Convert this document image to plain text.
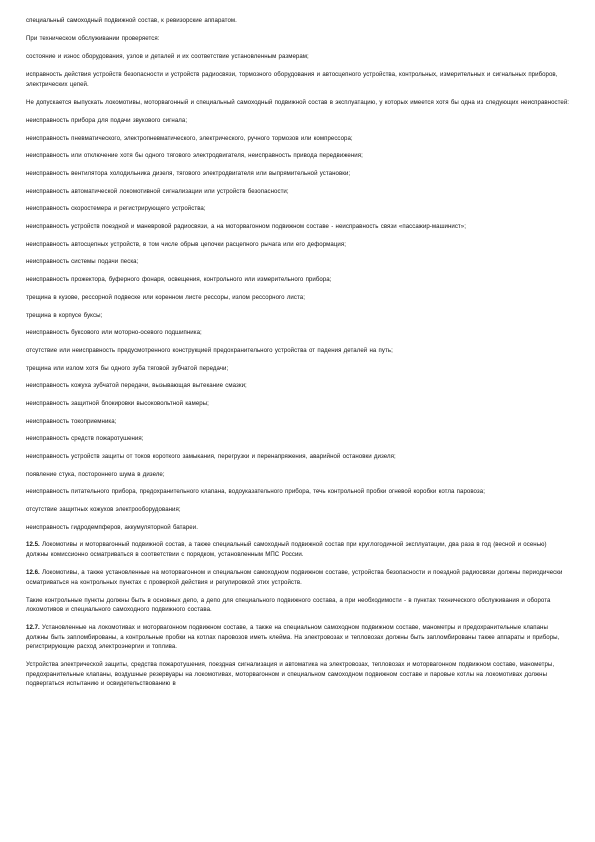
специальный самоходный подвижной состав, к ревизорские аппаратом.

При техническом обслуживании проверяется:

состояние и износ оборудования, узлов и деталей и их соответствие установленным размерам;

исправность действия устройств безопасности и устройств радиосвязи, тормозного оборудования и автосцепного устройства, контрольных, измерительных и сигнальных приборов, электрических цепей.

Не допускается выпускать локомотивы, моторвагонный и специальный самоходный подвижной состав в эксплуатацию, у которых имеется хотя бы одна из следующих неисправностей:

неисправность прибора для подачи звукового сигнала;

неисправность пневматического, электропневматического, электрического, ручного тормозов или компрессора;

неисправность или отключение хотя бы одного тягового электродвигателя, неисправность привода передвижения;

неисправность вентилятора холодильника дизеля, тягового электродвигателя или выпрямительной установки;

неисправность автоматической локомотивной сигнализации или устройств безопасности;

неисправность скоростемера и регистрирующего устройства;

неисправность устройств поездной и маневровой радиосвязи, а на моторвагонном подвижном составе - неисправность связи «пассажир-машинист»;

неисправность автосцепных устройств, в том числе обрыв цепочки расцепного рычага или его деформация;

неисправность системы подачи песка;

неисправность прожектора, буферного фонаря, освещения, контрольного или измерительного прибора;

трещина в кузове, рессорной подвеске или коренном листе рессоры, излом рессорного листа;

трещина в корпусе буксы;

неисправность буксового или моторно-осевого подшипника;

отсутствие или неисправность предусмотренного конструкцией предохранительного устройства от падения деталей на путь;

трещина или излом хотя бы одного зуба тяговой зубчатой передачи;

неисправность кожуха зубчатой передачи, вызывающая вытекание смазки;

неисправность защитной блокировки высоковольтной камеры;

неисправность токоприемника;

неисправность средств пожаротушения;

неисправность устройств защиты от токов короткого замыкания, перегрузки и перенапряжения, аварийной остановки дизеля;

появление стука, постороннего шума в дизеле;

неисправность питательного прибора, предохранительного клапана, водоуказательного прибора, течь контрольной пробки огневой коробки котла паровоза;

отсутствие защитных кожухов электрооборудования;

неисправность гидродемпферов, аккумуляторной батареи.

12.5. Локомотивы и моторвагонный подвижной состав, а также специальный самоходный подвижной состав при круглогодичной эксплуатации, два раза в год (весной и осенью) должны комиссионно осматриваться в соответствии с порядком, установленным МПС России.

12.6. Локомотивы, а также установленные на моторвагонном и специальном самоходном подвижном составе, устройства безопасности и поездной радиосвязи должны периодически осматриваться на контрольных пунктах с проверкой действия и регулировкой этих устройств.

Такие контрольные пункты должны быть в основных депо, а депо для специального подвижного состава, а при необходимости - в пунктах технического обслуживания и оборота локомотивов и специального самоходного подвижного состава.

12.7. Установленные на локомотивах и моторвагонном подвижном составе, а также на специальном самоходном подвижном составе, манометры и предохранительные клапаны должны быть запломбированы, а контрольные пробки на котлах паровозов иметь клейма. На электровозах и тепловозах должны быть запломбированы также аппараты и приборы, регистрирующие расход электроэнергии и топлива.

Устройства электрической защиты, средства пожаротушения, поездная сигнализация и автоматика на электровозах, тепловозах и моторвагонном подвижном составе, манометры, предохранительные клапаны, воздушные резервуары на локомотивах, моторвагонном и специальном самоходном подвижном составе и паровые котлы на локомотивах должны подвергаться испытанию и освидетельствованию в
